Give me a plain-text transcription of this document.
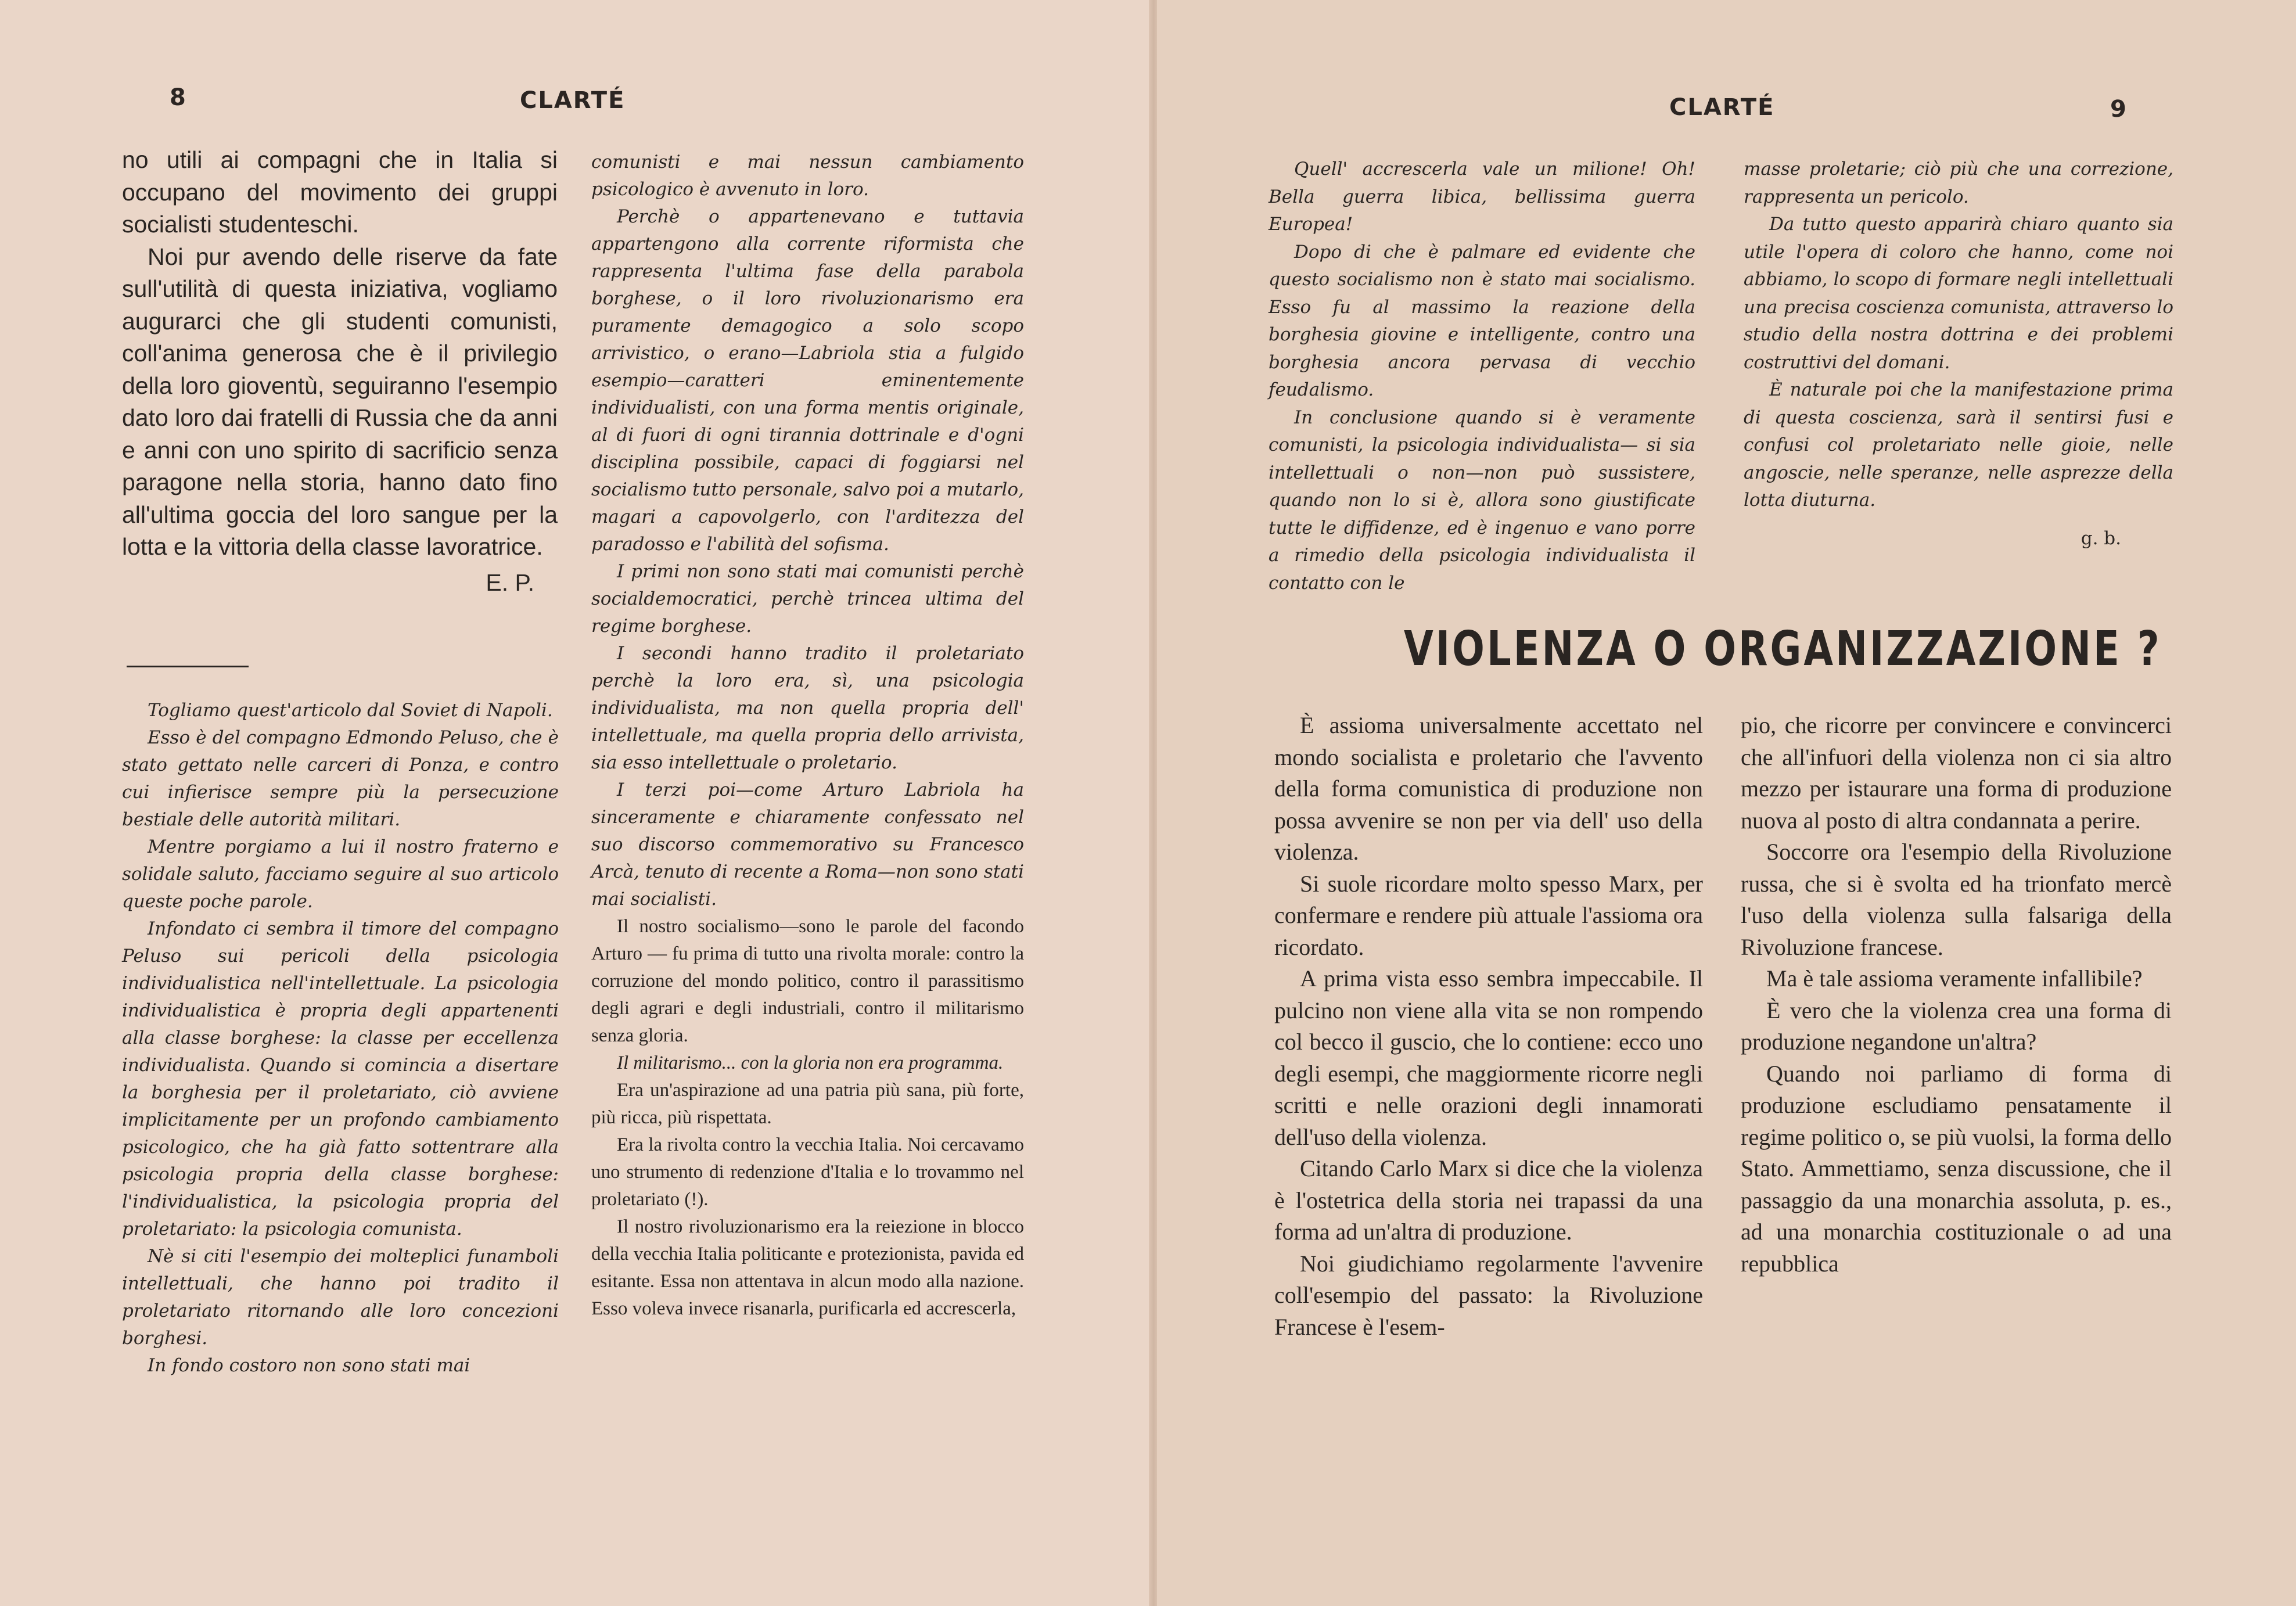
8	CLARTÉ

no utili ai compagni che in Italia si occupano del movimento dei gruppi socialisti studenteschi.

Noi pur avendo delle riserve da fate sull'utilità di questa iniziativa, vogliamo augurarci che gli studenti comunisti, coll'anima generosa che è il privilegio della loro gioventù, seguiranno l'esempio dato loro dai fratelli di Russia che da anni e anni con uno spirito di sacrificio senza paragone nella storia, hanno dato fino all'ultima goccia del loro sangue per la lotta e la vittoria della classe lavoratrice.

E. P.

Togliamo quest'articolo dal Soviet di Napoli.

Esso è del compagno Edmondo Peluso, che è stato gettato nelle carceri di Ponza, e contro cui infierisce sempre più la persecuzione bestiale delle autorità militari.

Mentre porgiamo a lui il nostro fraterno e solidale saluto, facciamo seguire al suo articolo queste poche parole.

Infondato ci sembra il timore del compagno Peluso sui pericoli della psicologia individualistica nell'intellettuale. La psicologia individualistica è propria degli appartenenti alla classe borghese: la classe per eccellenza individualista. Quando si comincia a disertare la borghesia per il proletariato, ciò avviene implicitamente per un profondo cambiamento psicologico, che ha già fatto sottentrare alla psicologia propria della classe borghese: l'individualistica, la psicologia propria del proletariato: la psicologia comunista.

Nè si citi l'esempio dei molteplici funamboli intellettuali, che hanno poi tradito il proletariato ritornando alle loro concezioni borghesi.

In fondo costoro non sono stati mai

comunisti e mai nessun cambiamento psicologico è avvenuto in loro.

Perchè o appartenevano e tuttavia appartengono alla corrente riformista che rappresenta l'ultima fase della parabola borghese, o il loro rivoluzionarismo era puramente demagogico a solo scopo arrivistico, o erano—Labriola stia a fulgido esempio—caratteri eminentemente individualisti, con una forma mentis originale, al di fuori di ogni tirannia dottrinale e d'ogni disciplina possibile, capaci di foggiarsi nel socialismo tutto personale, salvo poi a mutarlo, magari a capovolgerlo, con l'arditezza del paradosso e l'abilità del sofisma.

I primi non sono stati mai comunisti perchè socialdemocratici, perchè trincea ultima del regime borghese.

I secondi hanno tradito il proletariato perchè la loro era, sì, una psicologia individualista, ma non quella propria dell' intellettuale, ma quella propria dello arrivista, sia esso intellettuale o proletario.

I terzi poi—come Arturo Labriola ha sinceramente e chiaramente confessato nel suo discorso commemorativo su Francesco Arcà, tenuto di recente a Roma—non sono stati mai socialisti.

Il nostro socialismo—sono le parole del facondo Arturo — fu prima di tutto una rivolta morale: contro la corruzione del mondo politico, contro il parassitismo degli agrari e degli industriali, contro il militarismo senza gloria.

Il militarismo... con la gloria non era programma.

Era un'aspirazione ad una patria più sana, più forte, più ricca, più rispettata.

Era la rivolta contro la vecchia Italia. Noi cercavamo uno strumento di redenzione d'Italia e lo trovammo nel proletariato (!).

Il nostro rivoluzionarismo era la reiezione in blocco della vecchia Italia politicante e protezionista, pavida ed esitante. Essa non attentava in alcun modo alla nazione. Esso voleva invece risanarla, purificarla ed accrescerla,

CLARTÉ	9

Quell' accrescerla vale un milione! Oh! Bella guerra libica, bellissima guerra Europea!

Dopo di che è palmare ed evidente che questo socialismo non è stato mai socialismo. Esso fu al massimo la reazione della borghesia giovine e intelligente, contro una borghesia ancora pervasa di vecchio feudalismo.

In conclusione quando si è veramente comunisti, la psicologia individualista— si sia intellettuali o non—non può sussistere, quando non lo si è, allora sono giustificate tutte le diffidenze, ed è ingenuo e vano porre a rimedio della psicologia individualista il contatto con le

masse proletarie; ciò più che una correzione, rappresenta un pericolo.

Da tutto questo apparirà chiaro quanto sia utile l'opera di coloro che hanno, come noi abbiamo, lo scopo di formare negli intellettuali una precisa coscienza comunista, attraverso lo studio della nostra dottrina e dei problemi costruttivi del domani.

È naturale poi che la manifestazione prima di questa coscienza, sarà il sentirsi fusi e confusi col proletariato nelle gioie, nelle angoscie, nelle speranze, nelle asprezze della lotta diuturna.

g. b.

VIOLENZA O ORGANIZZAZIONE ?

È assioma universalmente accettato nel mondo socialista e proletario che l'avvento della forma comunistica di produzione non possa avvenire se non per via dell' uso della violenza.

Si suole ricordare molto spesso Marx, per confermare e rendere più attuale l'assioma ora ricordato.

A prima vista esso sembra impeccabile. Il pulcino non viene alla vita se non rompendo col becco il guscio, che lo contiene: ecco uno degli esempi, che maggiormente ricorre negli scritti e nelle orazioni degli innamorati dell'uso della violenza.

Citando Carlo Marx si dice che la violenza è l'ostetrica della storia nei trapassi da una forma ad un'altra di produzione.

Noi giudichiamo regolarmente l'avvenire coll'esempio del passato: la Rivoluzione Francese è l'esem-

pio, che ricorre per convincere e convincerci che all'infuori della violenza non ci sia altro mezzo per istaurare una forma di produzione nuova al posto di altra condannata a perire.

Soccorre ora l'esempio della Rivoluzione russa, che si è svolta ed ha trionfato mercè l'uso della violenza sulla falsariga della Rivoluzione francese.

Ma è tale assioma veramente infallibile?

È vero che la violenza crea una forma di produzione negandone un'altra?

Quando noi parliamo di forma di produzione escludiamo pensatamente il regime politico o, se più vuolsi, la forma dello Stato. Ammettiamo, senza discussione, che il passaggio da una monarchia assoluta, p. es., ad una monarchia costituzionale o ad una repubblica
